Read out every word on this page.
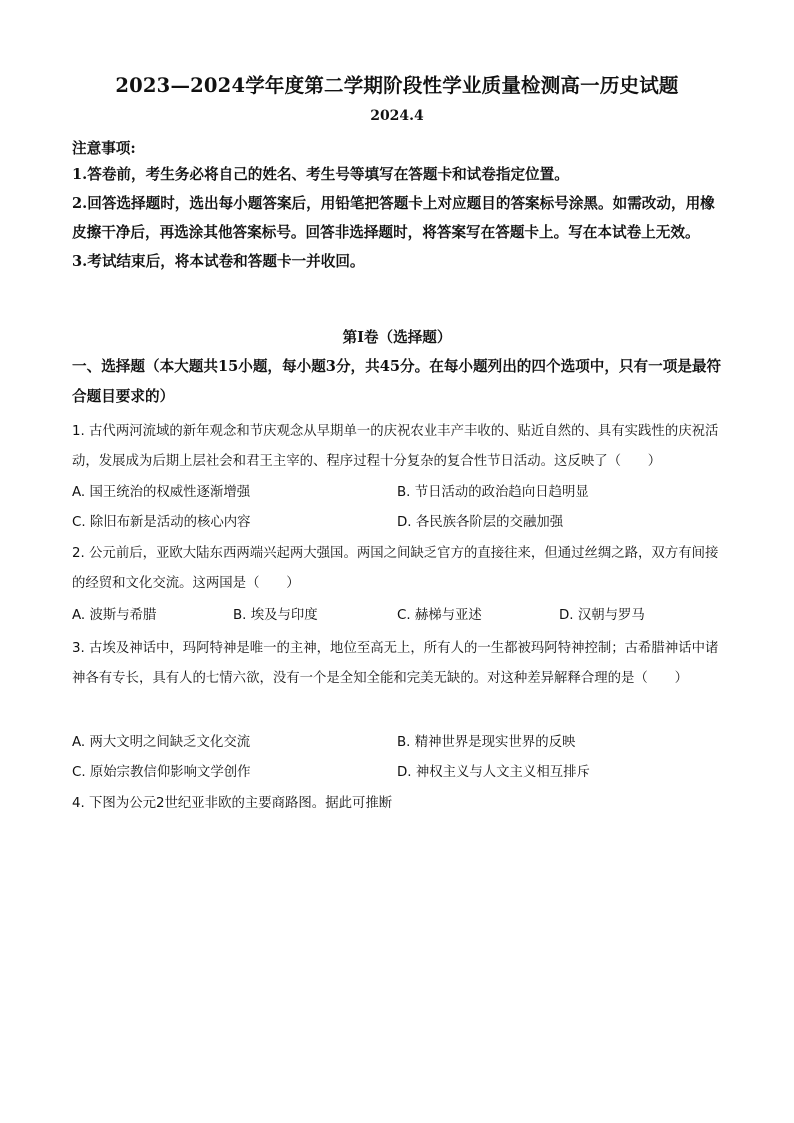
2023—2024学年度第二学期阶段性学业质量检测高一历史试题
2024.4

注意事项:

1.答卷前，考生务必将自己的姓名、考生号等填写在答题卡和试卷指定位置。

2.回答选择题时，选出每小题答案后，用铅笔把答题卡上对应题目的答案标号涂黑。如需改动，用橡皮擦干净后，再选涂其他答案标号。回答非选择题时，将答案写在答题卡上。写在本试卷上无效。

3.考试结束后，将本试卷和答题卡一并收回。

第Ⅰ卷（选择题）

一、选择题（本大题共15小题，每小题3分，共45分。在每小题列出的四个选项中，只有一项是最符合题目要求的）

1. 古代两河流域的新年观念和节庆观念从早期单一的庆祝农业丰产丰收的、贴近自然的、具有实践性的庆祝活动，发展成为后期上层社会和君王主宰的、程序过程十分复杂的复合性节日活动。这反映了（　　）

A. 国王统治的权威性逐渐增强	B. 节日活动的政治趋向日趋明显
C. 除旧布新是活动的核心内容	D. 各民族各阶层的交融加强

2. 公元前后，亚欧大陆东西两端兴起两大强国。两国之间缺乏官方的直接往来，但通过丝绸之路，双方有间接的经贸和文化交流。这两国是（　　）

A. 波斯与希腊	B. 埃及与印度	C. 赫梯与亚述	D. 汉朝与罗马

3. 古埃及神话中，玛阿特神是唯一的主神，地位至高无上，所有人的一生都被玛阿特神控制；古希腊神话中诸神各有专长，具有人的七情六欲，没有一个是全知全能和完美无缺的。对这种差异解释合理的是（　　）

A. 两大文明之间缺乏文化交流	B. 精神世界是现实世界的反映
C. 原始宗教信仰影响文学创作	D. 神权主义与人文主义相互排斥

4. 下图为公元2世纪亚非欧的主要商路图。据此可推断
